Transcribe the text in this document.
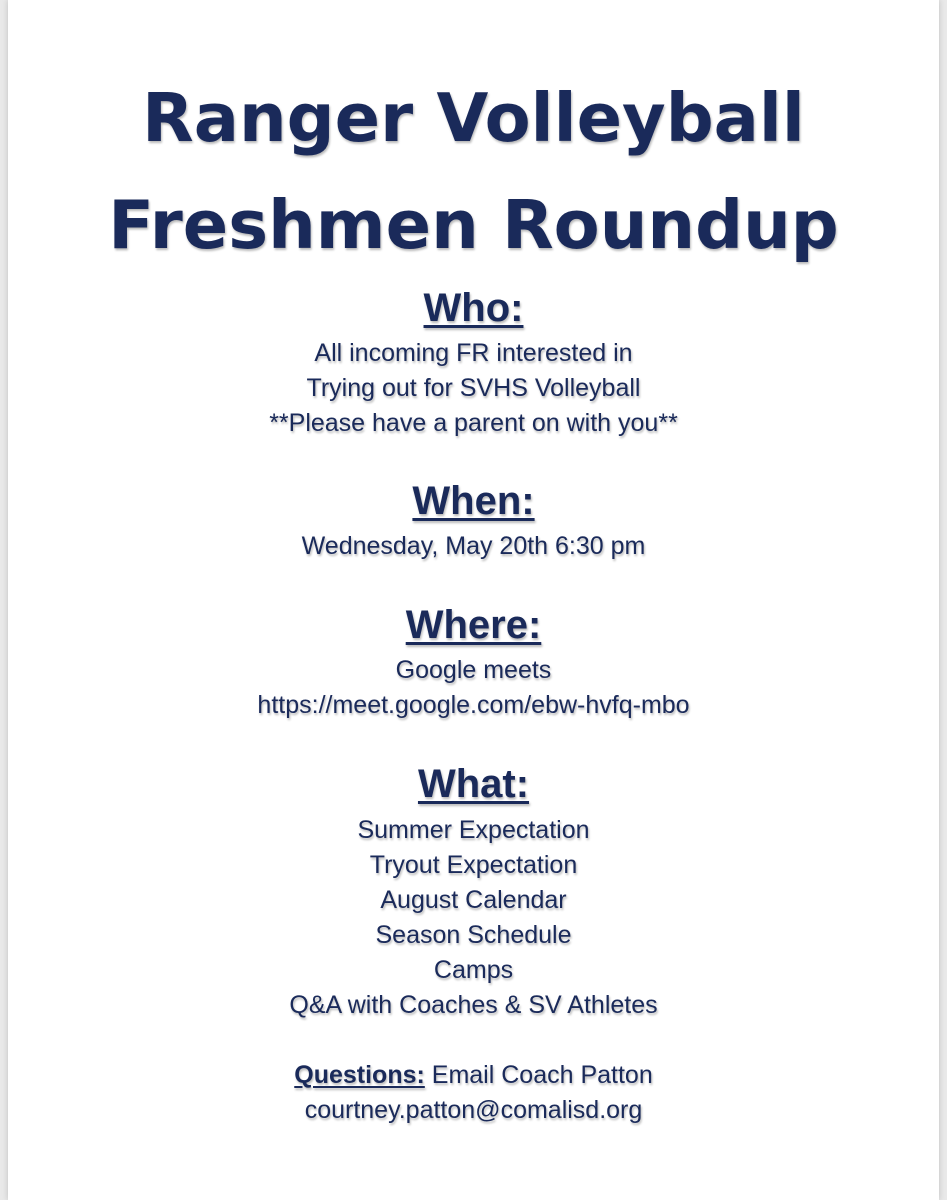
Ranger Volleyball
Freshmen Roundup
Who:
All incoming FR interested in
Trying out for SVHS Volleyball
**Please have a parent on with you**
When:
Wednesday, May 20th 6:30 pm
Where:
Google meets
https://meet.google.com/ebw-hvfq-mbo
What:
Summer Expectation
Tryout Expectation
August Calendar
Season Schedule
Camps
Q&A with Coaches & SV Athletes
Questions: Email Coach Patton
courtney.patton@comalisd.org
